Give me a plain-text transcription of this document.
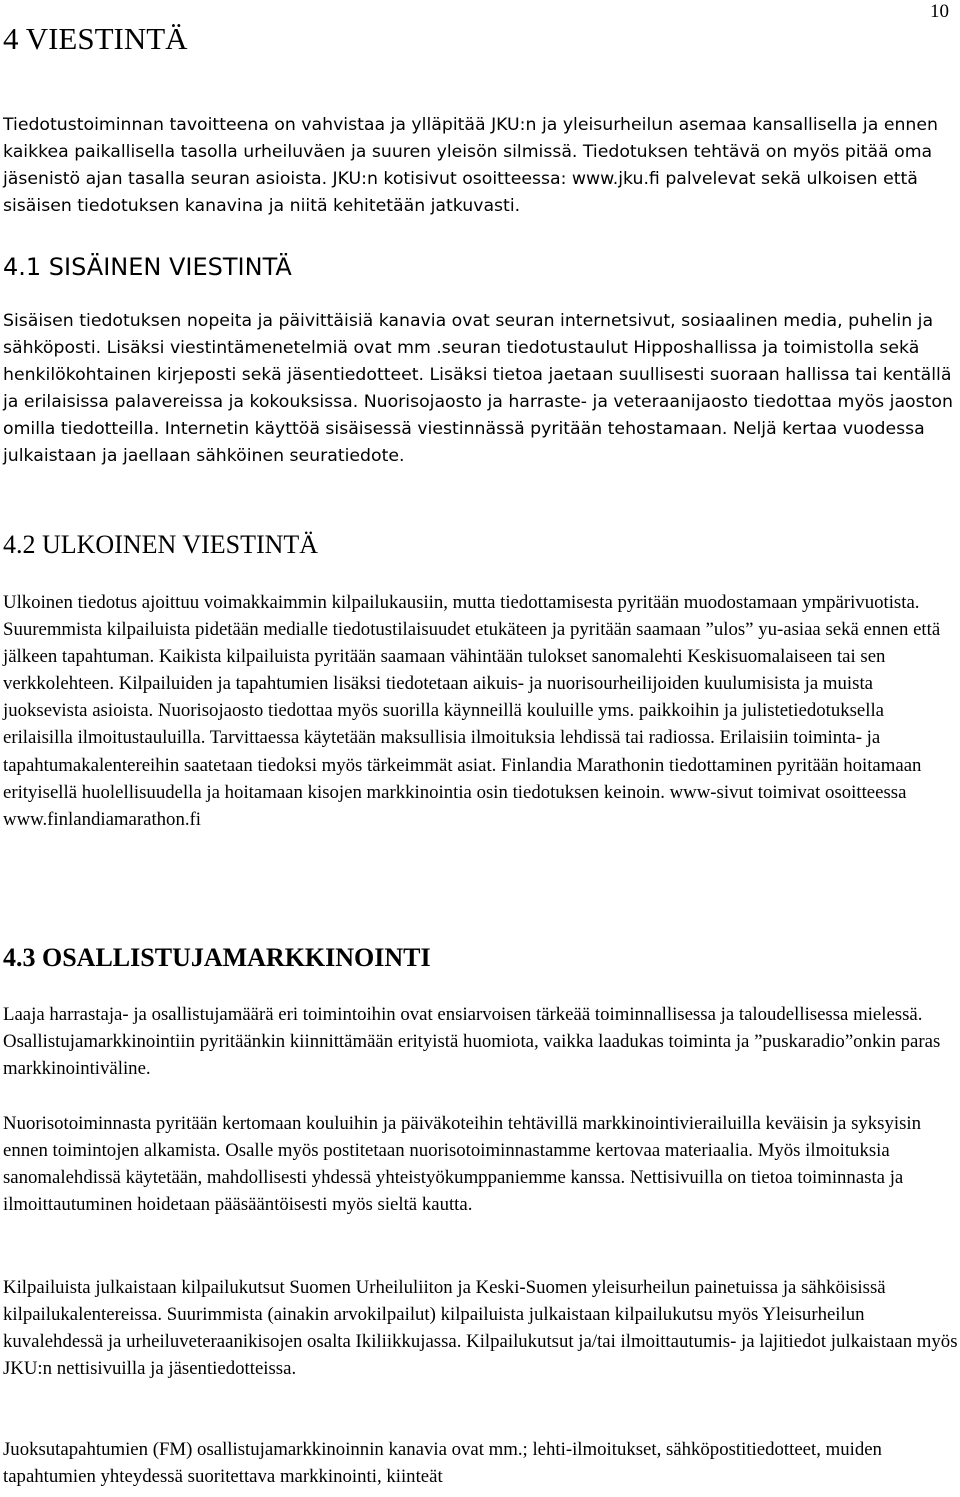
10
4 VIESTINTÄ

Tiedotustoiminnan tavoitteena on vahvistaa ja ylläpitää JKU:n ja yleisurheilun asemaa kansallisella ja ennen kaikkea paikallisella tasolla urheiluväen ja suuren yleisön silmissä. Tiedotuksen tehtävä on myös pitää oma jäsenistö ajan tasalla seuran asioista. JKU:n kotisivut osoitteessa: www.jku.fi palvelevat sekä ulkoisen että sisäisen tiedotuksen kanavina ja niitä kehitetään jatkuvasti.

4.1 SISÄINEN VIESTINTÄ

Sisäisen tiedotuksen nopeita ja päivittäisiä kanavia ovat seuran internetsivut, sosiaalinen media, puhelin ja sähköposti. Lisäksi viestintämenetelmiä ovat mm .seuran tiedotustaulut Hipposhallissa ja toimistolla sekä henkilökohtainen kirjeposti sekä jäsentiedotteet. Lisäksi tietoa jaetaan suullisesti suoraan hallissa tai kentällä ja erilaisissa palavereissa ja kokouksissa. Nuorisojaosto ja harraste- ja veteraanijaosto tiedottaa myös jaoston omilla tiedotteilla. Internetin käyttöä sisäisessä viestinnässä pyritään tehostamaan. Neljä kertaa vuodessa julkaistaan ja jaellaan sähköinen seuratiedote.

4.2 ULKOINEN VIESTINTÄ

Ulkoinen tiedotus ajoittuu voimakkaimmin kilpailukausiin, mutta tiedottamisesta pyritään muodostamaan ympärivuotista. Suuremmista kilpailuista pidetään medialle tiedotustilaisuudet etukäteen ja pyritään saamaan ”ulos” yu-asiaa sekä ennen että jälkeen tapahtuman. Kaikista kilpailuista pyritään saamaan vähintään tulokset sanomalehti Keskisuomalaiseen tai sen verkkolehteen. Kilpailuiden ja tapahtumien lisäksi tiedotetaan aikuis- ja nuorisourheilijoiden kuulumisista ja muista juoksevista asioista. Nuorisojaosto tiedottaa myös suorilla käynneillä kouluille yms. paikkoihin ja julistetiedotuksella erilaisilla ilmoitustauluilla. Tarvittaessa käytetään maksullisia ilmoituksia lehdissä tai radiossa. Erilaisiin toiminta- ja tapahtumakalentereihin saatetaan tiedoksi myös tärkeimmät asiat. Finlandia Marathonin tiedottaminen pyritään hoitamaan erityisellä huolellisuudella ja hoitamaan kisojen markkinointia osin tiedotuksen keinoin. www-sivut toimivat osoitteessa www.finlandiamarathon.fi

4.3 OSALLISTUJAMARKKINOINTI

Laaja harrastaja- ja osallistujamäärä eri toimintoihin ovat ensiarvoisen tärkeää toiminnallisessa ja taloudellisessa mielessä. Osallistujamarkkinointiin pyritäänkin kiinnittämään erityistä huomiota, vaikka laadukas toiminta ja ”puskaradio”onkin paras markkinointiväline.

Nuorisotoiminnasta pyritään kertomaan kouluihin ja päiväkoteihin tehtävillä markkinointivierailuilla keväisin ja syksyisin ennen toimintojen alkamista. Osalle myös postitetaan nuorisotoiminnastamme kertovaa materiaalia. Myös ilmoituksia sanomalehdissä käytetään, mahdollisesti yhdessä yhteistyökumppaniemme kanssa. Nettisivuilla on tietoa toiminnasta ja ilmoittautuminen hoidetaan pääsääntöisesti myös sieltä kautta.

Kilpailuista julkaistaan kilpailukutsut Suomen Urheiluliiton ja Keski-Suomen yleisurheilun painetuissa ja sähköisissä kilpailukalentereissa. Suurimmista (ainakin arvokilpailut) kilpailuista julkaistaan kilpailukutsu myös Yleisurheilun kuvalehdessä ja urheiluveteraanikisojen osalta Ikiliikkujassa. Kilpailukutsut ja/tai ilmoittautumis- ja lajitiedot julkaistaan myös JKU:n nettisivuilla ja jäsentiedotteissa.

Juoksutapahtumien (FM) osallistujamarkkinoinnin kanavia ovat mm.; lehti-ilmoitukset, sähköpostitiedotteet, muiden tapahtumien yhteydessä suoritettava markkinointi, kiinteät
